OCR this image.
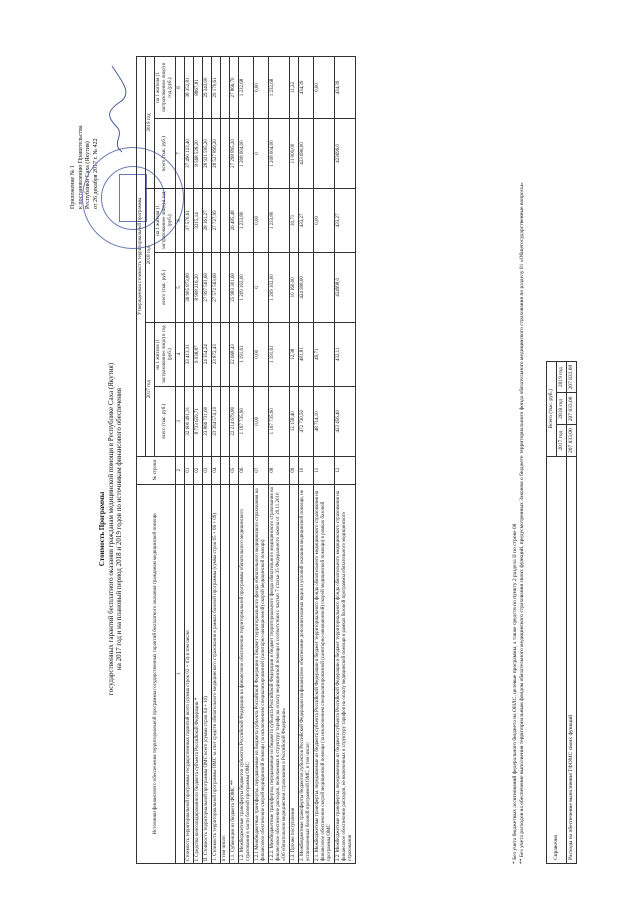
Приложение № 1 к постановлению Правительства Республики Саха (Якутия) от 26 декабря 2017 г. № 422
Стоимость Программы государственных гарантий бесплатного оказания гражданам медицинской помощи в Республике Саха (Якутия) на 2017 год и на плановый период 2018 и 2019 годов по источникам финансового обеспечения	Источники финансового обеспечения территориальной программы государственных гарантий бесплатного оказания гражданам медицинской помощи	№ строки	Утвержденная стоимость территориальной программы					
		2017 год		2018 год		2019 год	
		всего (тыс. руб.)	на 1 жителя (1 застрахованное лицо) в год (руб.)	всего (тыс. руб.)	на 1 жителя (1 застрахованное лицо) в год (руб.)	всего (тыс. руб.)	на 1 жителя (1 застрахованное лицо) в год (руб.)
1	2	3	4	5	6	7	8
Стоимость территориальной программы государственных гарантий всего (сумма строк 02 + 03) в том числе:	01	32 600 491,31	33 413,31	36 905 873,80	37 570,61	37 490 123,40	38 352,81
I. Средства консолидированного бюджета субъекта Российской Федерации *	02	8 733 659,71	9 038,87	8 908 216,20	9215,14	8 568 528,20	8867,81
II. Стоимость территориальной программы ОМС всего (сумма строк 04 + 10)	03	23 866 731,60	24 354,24	27 997 561,60	28 161,27	28 921 595,20	29 343,00
1. Стоимость территориальной программы ОМС за счет средств обязательного медицинского страхования в рамках базовой программы (сумма строк 05 + 06 + 09)	04	23 394 574,10	23 872,43	27 572 563,60	27 727,99	28 527 899,20	29 170,61
в том числе:							
1.1. Субвенции из бюджета ФОМС **	05	22 214 679,80	22 668,43	25 983 301,60	26 485,48	27 298 895,20	27 866,70
1.2. Межбюджетные трансферты бюджетов субъектов Российской Федерации на финансовое обеспечение территориальной программы обязательного медицинского страхования в части базовой программы ОМС	06	1 167 735,90	1 191,61	1 209 102,00	1 233,80	1 208 004,00	1 232,68
1.2.1 Межбюджетные трансферты, передаваемые из бюджета субъекта Российской Федерации в бюджет территориального фонда обязательного медицинского страхования на финансовое обеспечение скорой медицинской помощи (за исключением специализированной (санитарно-авиационной) скорой медицинской помощи)	07	0,00	0,00	0	0,00	0	0,00
1.2.2. Межбюджетные трансферты, передаваемые из бюджета субъекта Российской Федерации в бюджет территориального фонда обязательного медицинского страхования на финансовое обеспечение расходов, включаемых в структуру тарифа на оплату медицинской помощи в соответствии с частью 7 статьи 35 Федерального закона от 29.11.2010 «Об обязательном медицинском страховании в Российской Федерации»	08	1 167 735,90	1 191,61	1 209 102,00	1 233,80	1 208 004,00	1 232,68
1.3. Прочие поступления	09	12 158,40	12,38	10 160,00	10,71	11 000,00	11,22
2. Межбюджетные трансферты бюджетов субъектов Российской Федерации на финансовое обеспечение дополнительных видов и условий оказания медицинской помощи, не установленных базовой программой ОМС, в том числе:	10	472 730,50	481,81	424 998,00	433,27	423 696,00	434,39
2.1. Межбюджетные трансферты, передаваемые из бюджета субъекта Российской Федерации в бюджет территориального фонда обязательного медицинского страхования на финансовое обеспечение скорой медицинской помощи (за исключением специализированной (санитарно-авиационной) скорой медицинской помощи) в рамках базовой программы ОМС	11	48 714,10	49,71		0,00		0,00
2.2. Межбюджетные трансферты, передаваемые из бюджета субъекта Российской Федерации в бюджет территориального фонда обязательного медицинского страхования на финансовое обеспечение расходов, не включенных в структуру тарифов на оплату медицинской помощи в рамках базовой программы обязательного медицинского страхования	12	423 456,40	432,11	424998,0	433,27	423696,0	434,39
* Без учета бюджетных ассигнований федерального бюджета на ОНЛС, целевые программы, а также средств по пункту 2 раздела II по строке 08 ** Без учета расходов на обеспечение выполнения территориальным фондом обязательного медицинского страхования своих функций, предусмотренных Законом о бюджете территориального фонда обязательного медицинского страхования по разделу 01 «Общегосударственные вопросы»	Справочно	Всего (тыс. руб.)		
	2017 год	2018 год	2019 год
Расходы на обеспечение выполнения ТФОМС своих функций	207 833,00	207 833,00	207 833,00
